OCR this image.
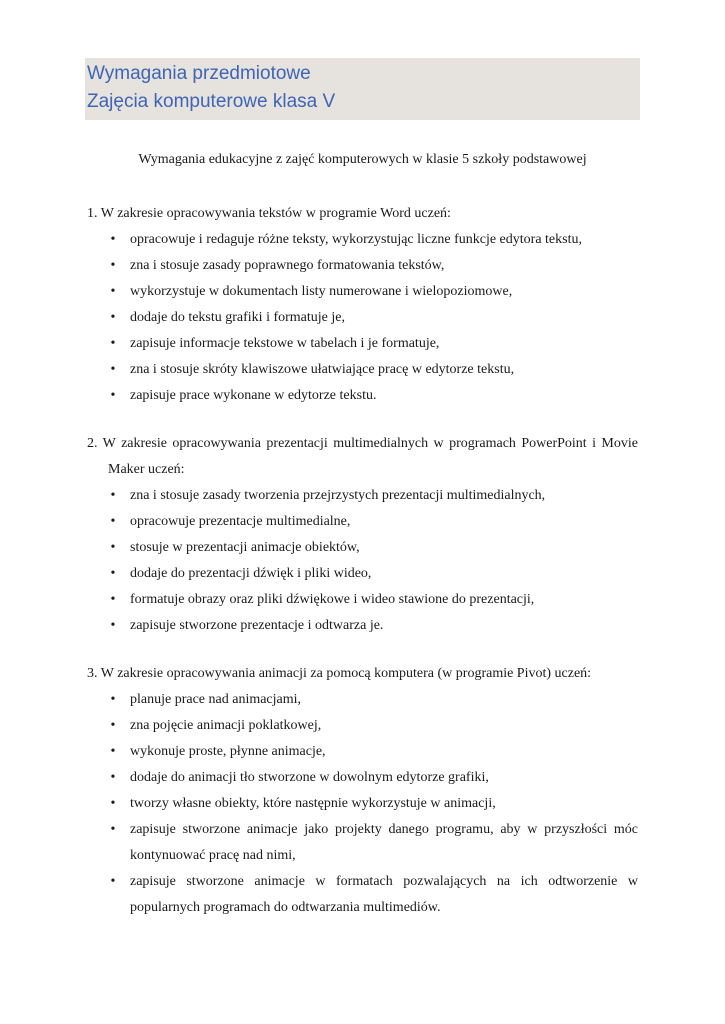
Wymagania przedmiotowe
Zajęcia komputerowe klasa V
Wymagania edukacyjne z zajęć komputerowych w klasie 5 szkoły podstawowej
1. W zakresie opracowywania tekstów w programie Word uczeń:
• opracowuje i redaguje różne teksty, wykorzystując liczne funkcje edytora tekstu,
• zna i stosuje zasady poprawnego formatowania tekstów,
• wykorzystuje w dokumentach listy numerowane i wielopoziomowe,
• dodaje do tekstu grafiki i formatuje je,
• zapisuje informacje tekstowe w tabelach i je formatuje,
• zna i stosuje skróty klawiszowe ułatwiające pracę w edytorze tekstu,
• zapisuje prace wykonane w edytorze tekstu.
2. W zakresie opracowywania prezentacji multimedialnych w programach PowerPoint i Movie Maker uczeń:
• zna i stosuje zasady tworzenia przejrzystych prezentacji multimedialnych,
• opracowuje prezentacje multimedialne,
• stosuje w prezentacji animacje obiektów,
• dodaje do prezentacji dźwięk i pliki wideo,
• formatuje obrazy oraz pliki dźwiękowe i wideo stawione do prezentacji,
• zapisuje stworzone prezentacje i odtwarza je.
3. W zakresie opracowywania animacji za pomocą komputera (w programie Pivot) uczeń:
• planuje prace nad animacjami,
• zna pojęcie animacji poklatkowej,
• wykonuje proste, płynne animacje,
• dodaje do animacji tło stworzone w dowolnym edytorze grafiki,
• tworzy własne obiekty, które następnie wykorzystuje w animacji,
• zapisuje stworzone animacje jako projekty danego programu, aby w przyszłości móc kontynuować pracę nad nimi,
• zapisuje stworzone animacje w formatach pozwalających na ich odtworzenie w popularnych programach do odtwarzania multimediów.
